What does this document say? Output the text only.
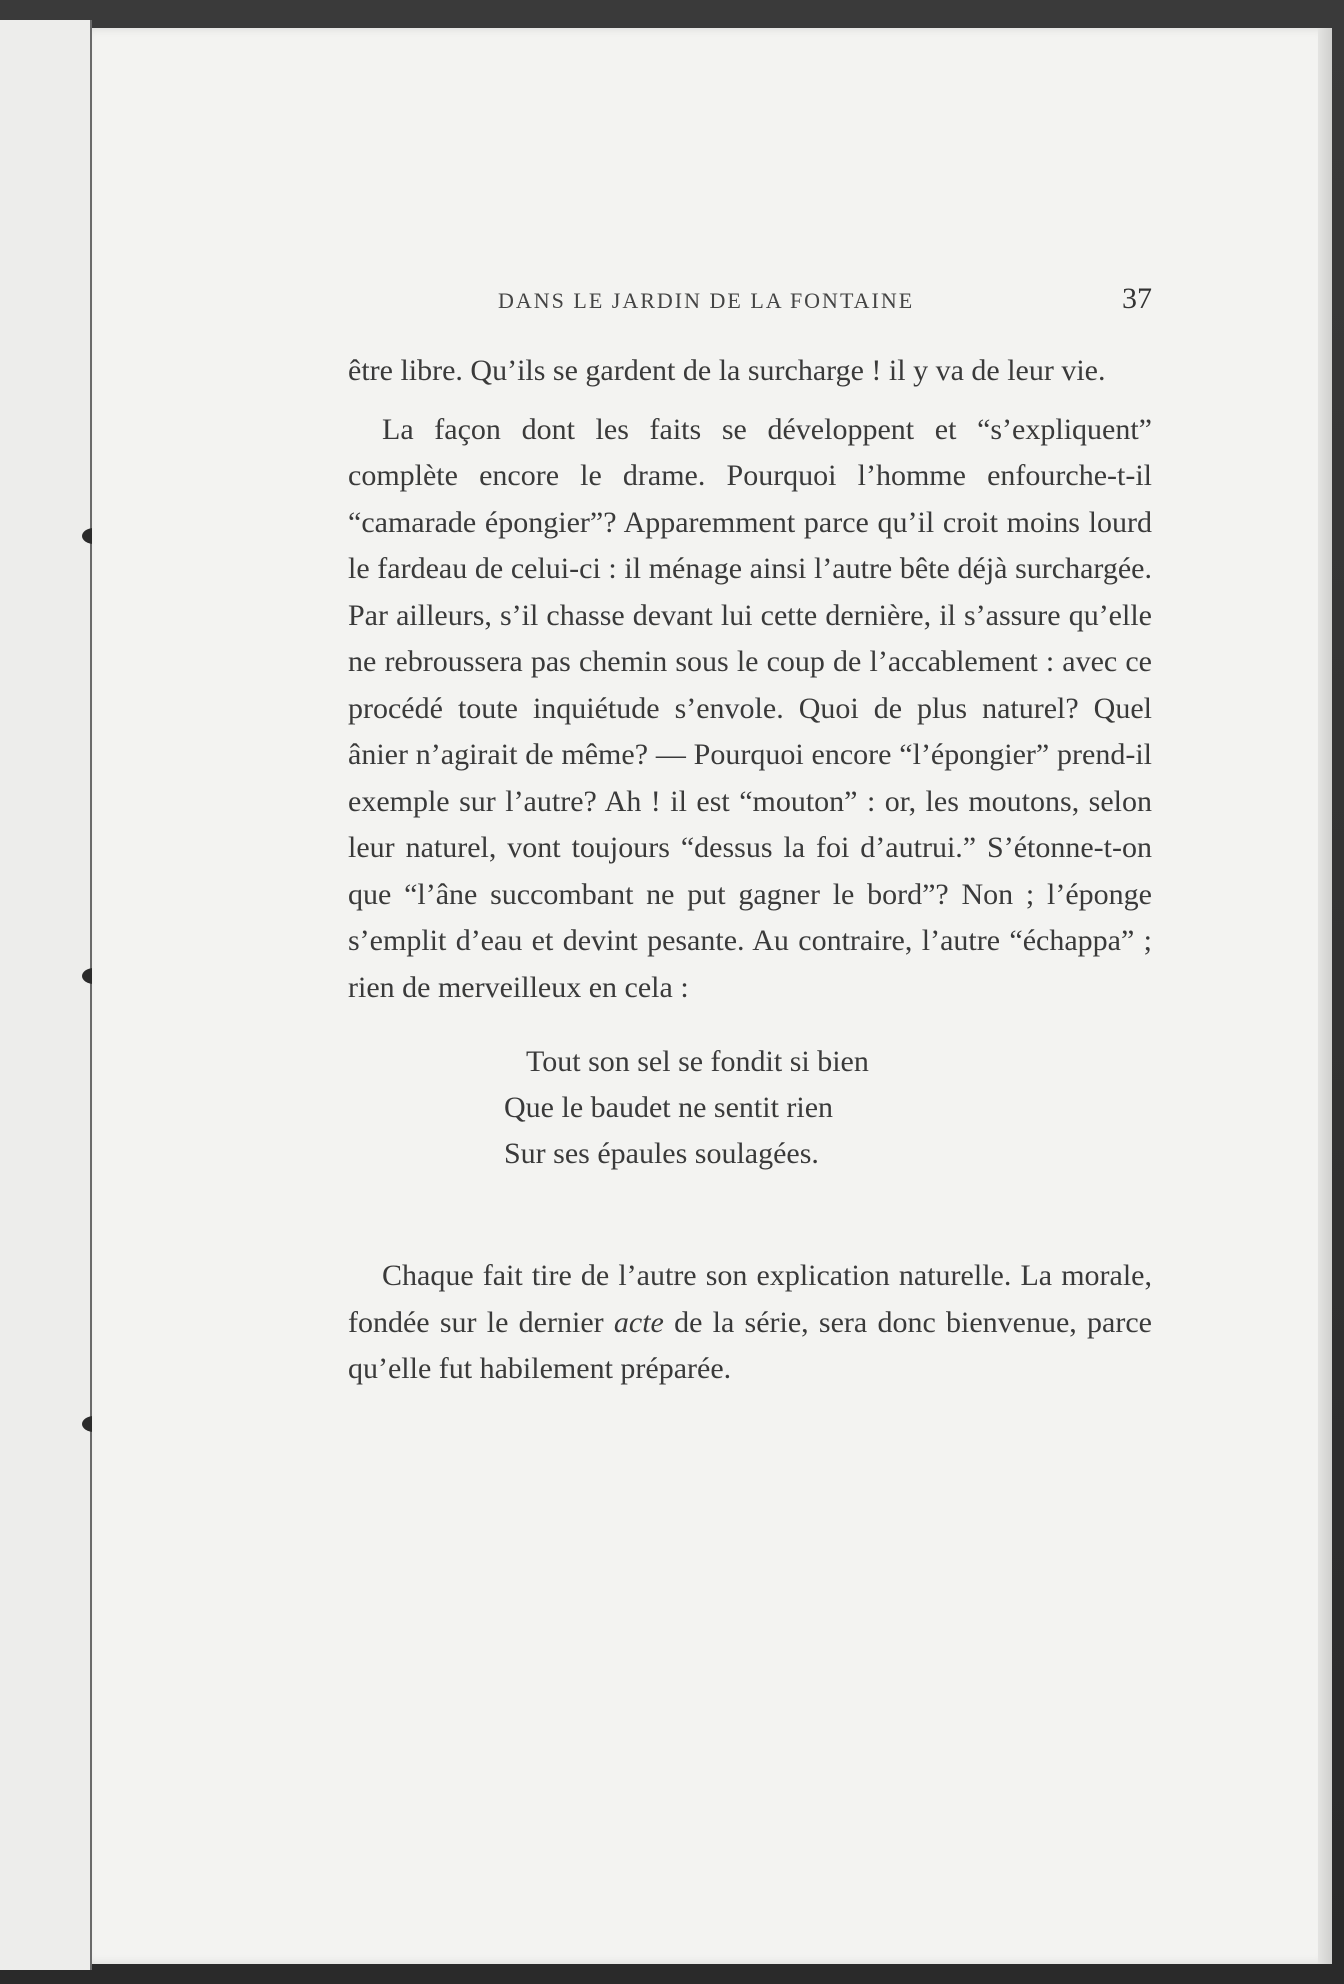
DANS LE JARDIN DE LA FONTAINE	37

être libre. Qu’ils se gardent de la surcharge ! il y va de leur vie.

La façon dont les faits se développent et “s’expliquent” complète encore le drame. Pourquoi l’homme enfourche-t-il “camarade épongier”? Apparemment parce qu’il croit moins lourd le fardeau de celui-ci : il ménage ainsi l’autre bête déjà surchargée. Par ailleurs, s’il chasse devant lui cette dernière, il s’assure qu’elle ne rebroussera pas chemin sous le coup de l’accablement : avec ce procédé toute inquiétude s’envole. Quoi de plus naturel? Quel ânier n’agirait de même? — Pourquoi encore “l’épongier” prend-il exemple sur l’autre? Ah ! il est “mouton” : or, les moutons, selon leur naturel, vont toujours “dessus la foi d’autrui.” S’étonne-t-on que “l’âne succombant ne put gagner le bord”? Non ; l’éponge s’emplit d’eau et devint pesante. Au contraire, l’autre “échappa” ; rien de merveilleux en cela :

Tout son sel se fondit si bien
Que le baudet ne sentit rien
Sur ses épaules soulagées.

Chaque fait tire de l’autre son explication naturelle. La morale, fondée sur le dernier acte de la série, sera donc bienvenue, parce qu’elle fut habilement préparée.
